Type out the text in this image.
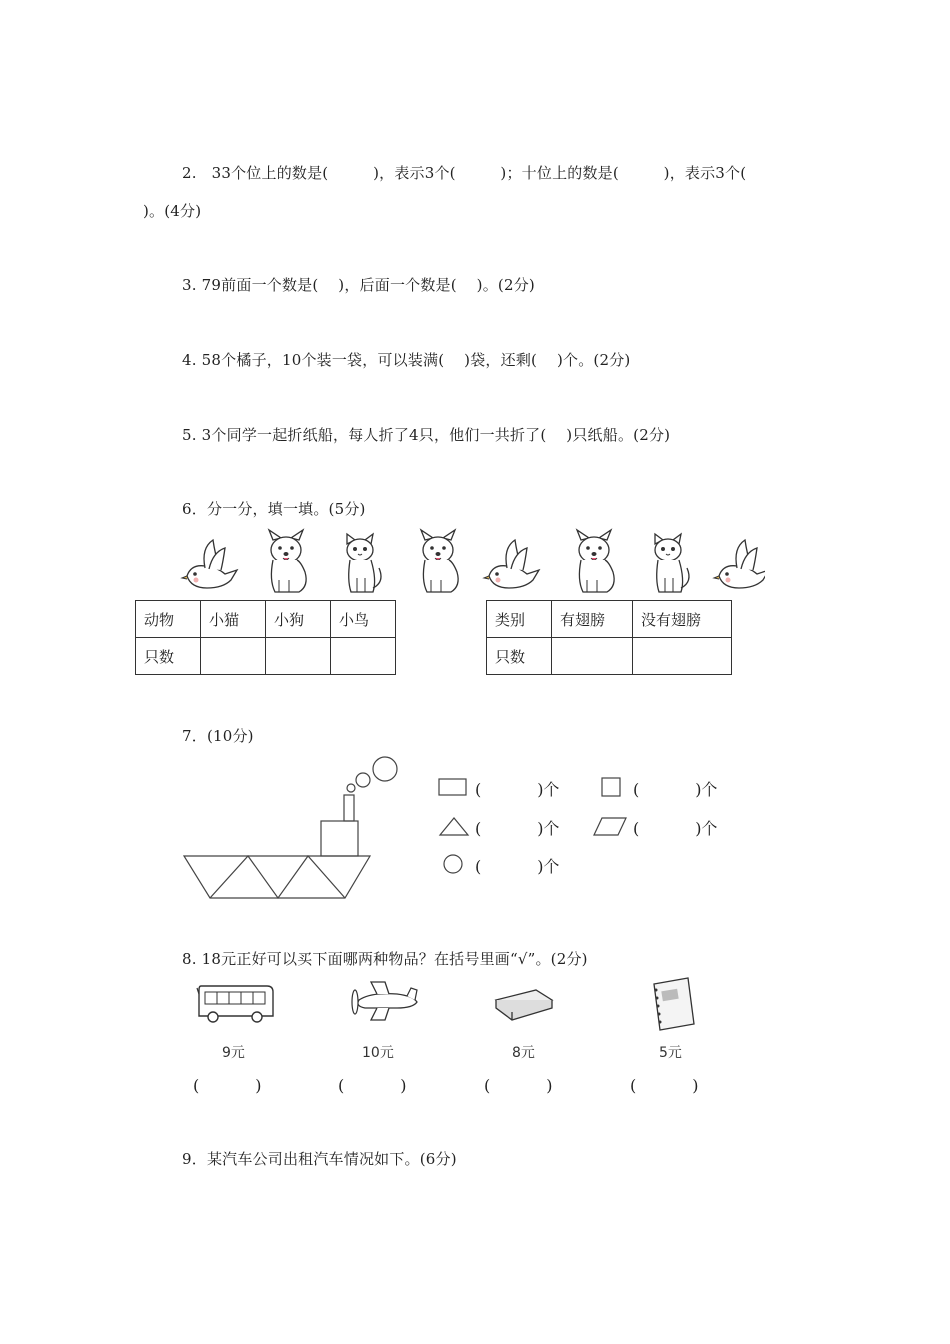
2.   33个位上的数是(         )，表示3个(         )；十位上的数是(         )，表示3个(
)。(4分)
3. 79前面一个数是(    )，后面一个数是(    )。(2分)
4. 58个橘子，10个装一袋，可以装满(    )袋，还剩(    )个。(2分)
5. 3个同学一起折纸船，每人折了4只，他们一共折了(    )只纸船。(2分)
6．分一分，填一填。(5分)
动物	小猫	小狗	小鸟
只数			
类别	有翅膀	没有翅膀
只数		
7．(10分)
(           )个	(           )个
(           )个	(           )个
(           )个
8. 18元正好可以买下面哪两种物品？在括号里画“√”。(2分)
9元	10元	8元	5元
(           )	(           )	(           )	(           )
9．某汽车公司出租汽车情况如下。(6分)
